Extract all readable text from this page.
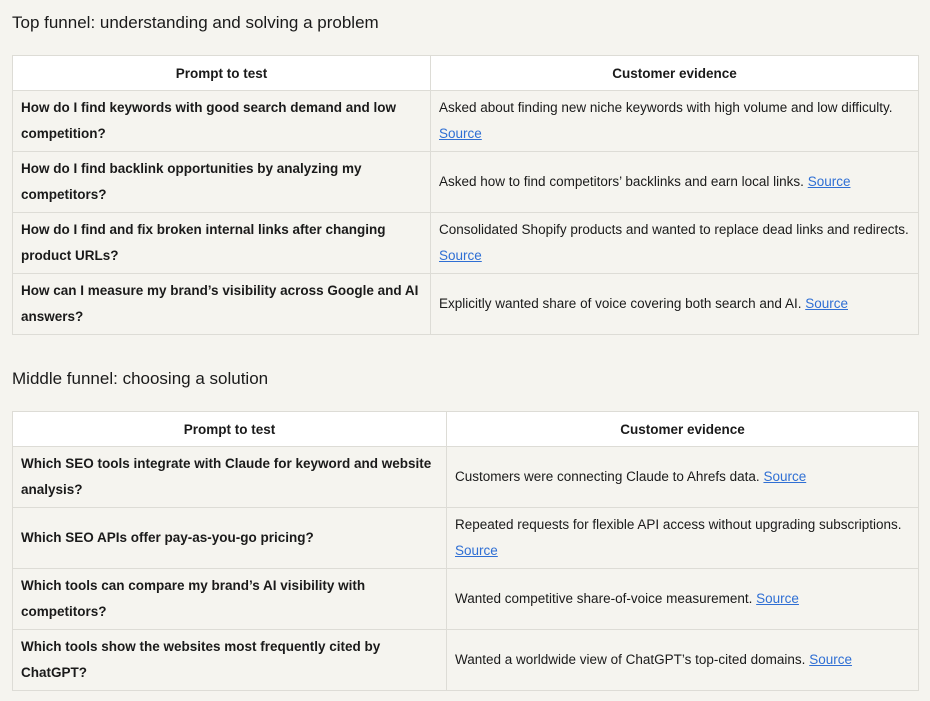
Top funnel: understanding and solving a problem
Prompt to test	Customer evidence
How do I find keywords with good search demand and low competition?	Asked about finding new niche keywords with high volume and low difficulty. Source
How do I find backlink opportunities by analyzing my competitors?	Asked how to find competitors’ backlinks and earn local links. Source
How do I find and fix broken internal links after changing product URLs?	Consolidated Shopify products and wanted to replace dead links and redirects. Source
How can I measure my brand’s visibility across Google and AI answers?	Explicitly wanted share of voice covering both search and AI. Source
Middle funnel: choosing a solution
Prompt to test	Customer evidence
Which SEO tools integrate with Claude for keyword and website analysis?	Customers were connecting Claude to Ahrefs data. Source
Which SEO APIs offer pay-as-you-go pricing?	Repeated requests for flexible API access without upgrading subscriptions. Source
Which tools can compare my brand’s AI visibility with competitors?	Wanted competitive share-of-voice measurement. Source
Which tools show the websites most frequently cited by ChatGPT?	Wanted a worldwide view of ChatGPT’s top-cited domains. Source
